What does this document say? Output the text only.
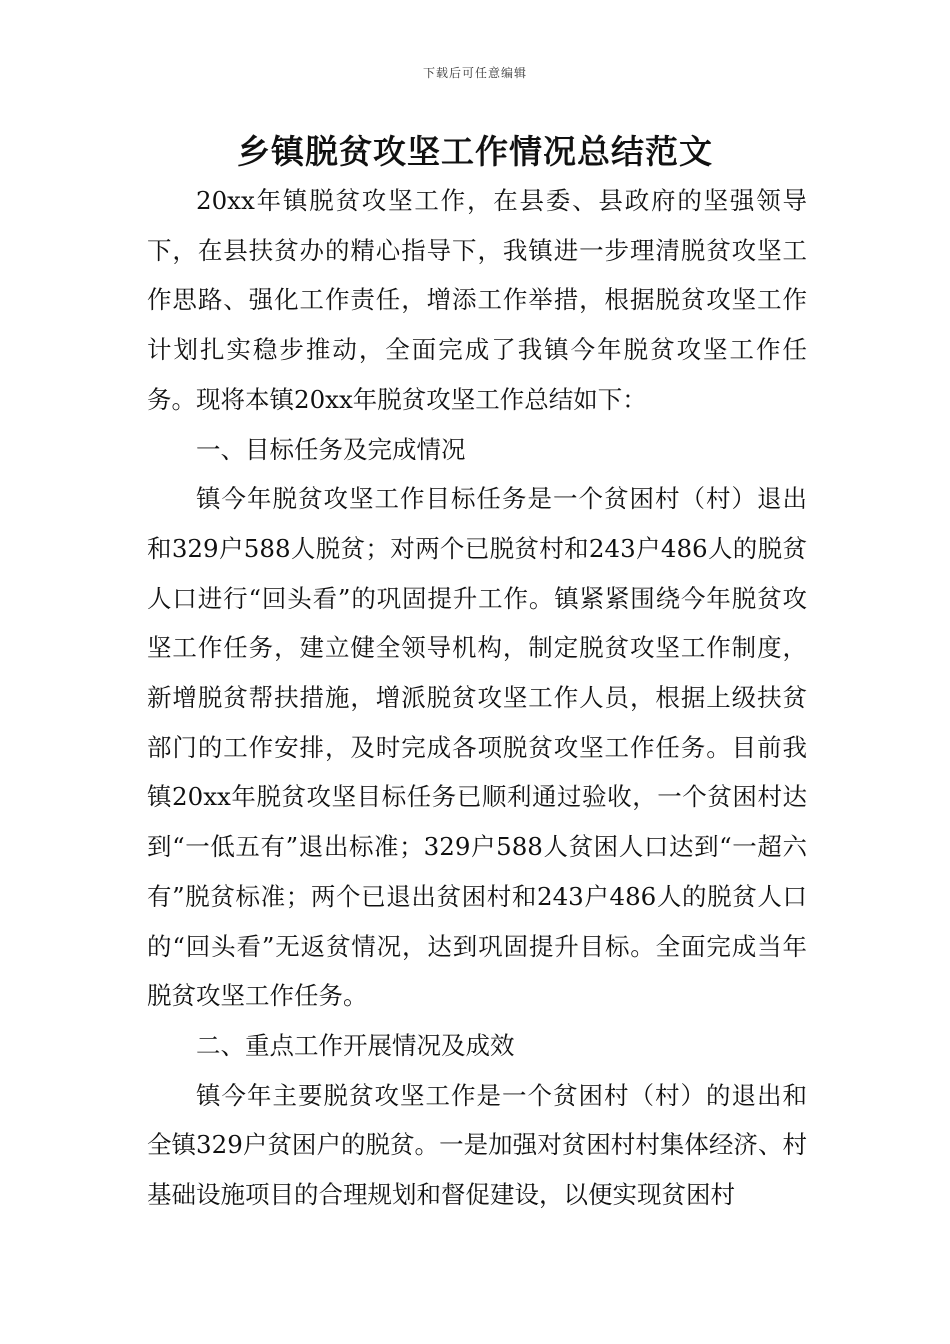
下载后可任意编辑
乡镇脱贫攻坚工作情况总结范文

20xx年镇脱贫攻坚工作，在县委、县政府的坚强领导下，在县扶贫办的精心指导下，我镇进一步理清脱贫攻坚工作思路、强化工作责任，增添工作举措，根据脱贫攻坚工作计划扎实稳步推动，全面完成了我镇今年脱贫攻坚工作任务。现将本镇20xx年脱贫攻坚工作总结如下：

一、目标任务及完成情况

镇今年脱贫攻坚工作目标任务是一个贫困村（村）退出和329户588人脱贫；对两个已脱贫村和243户486人的脱贫人口进行“回头看”的巩固提升工作。镇紧紧围绕今年脱贫攻坚工作任务，建立健全领导机构，制定脱贫攻坚工作制度，新增脱贫帮扶措施，增派脱贫攻坚工作人员，根据上级扶贫部门的工作安排，及时完成各项脱贫攻坚工作任务。目前我镇20xx年脱贫攻坚目标任务已顺利通过验收，一个贫困村达到“一低五有”退出标准；329户588人贫困人口达到“一超六有”脱贫标准；两个已退出贫困村和243户486人的脱贫人口的“回头看”无返贫情况，达到巩固提升目标。全面完成当年脱贫攻坚工作任务。

二、重点工作开展情况及成效

镇今年主要脱贫攻坚工作是一个贫困村（村）的退出和全镇329户贫困户的脱贫。一是加强对贫困村村集体经济、村基础设施项目的合理规划和督促建设，以便实现贫困村
